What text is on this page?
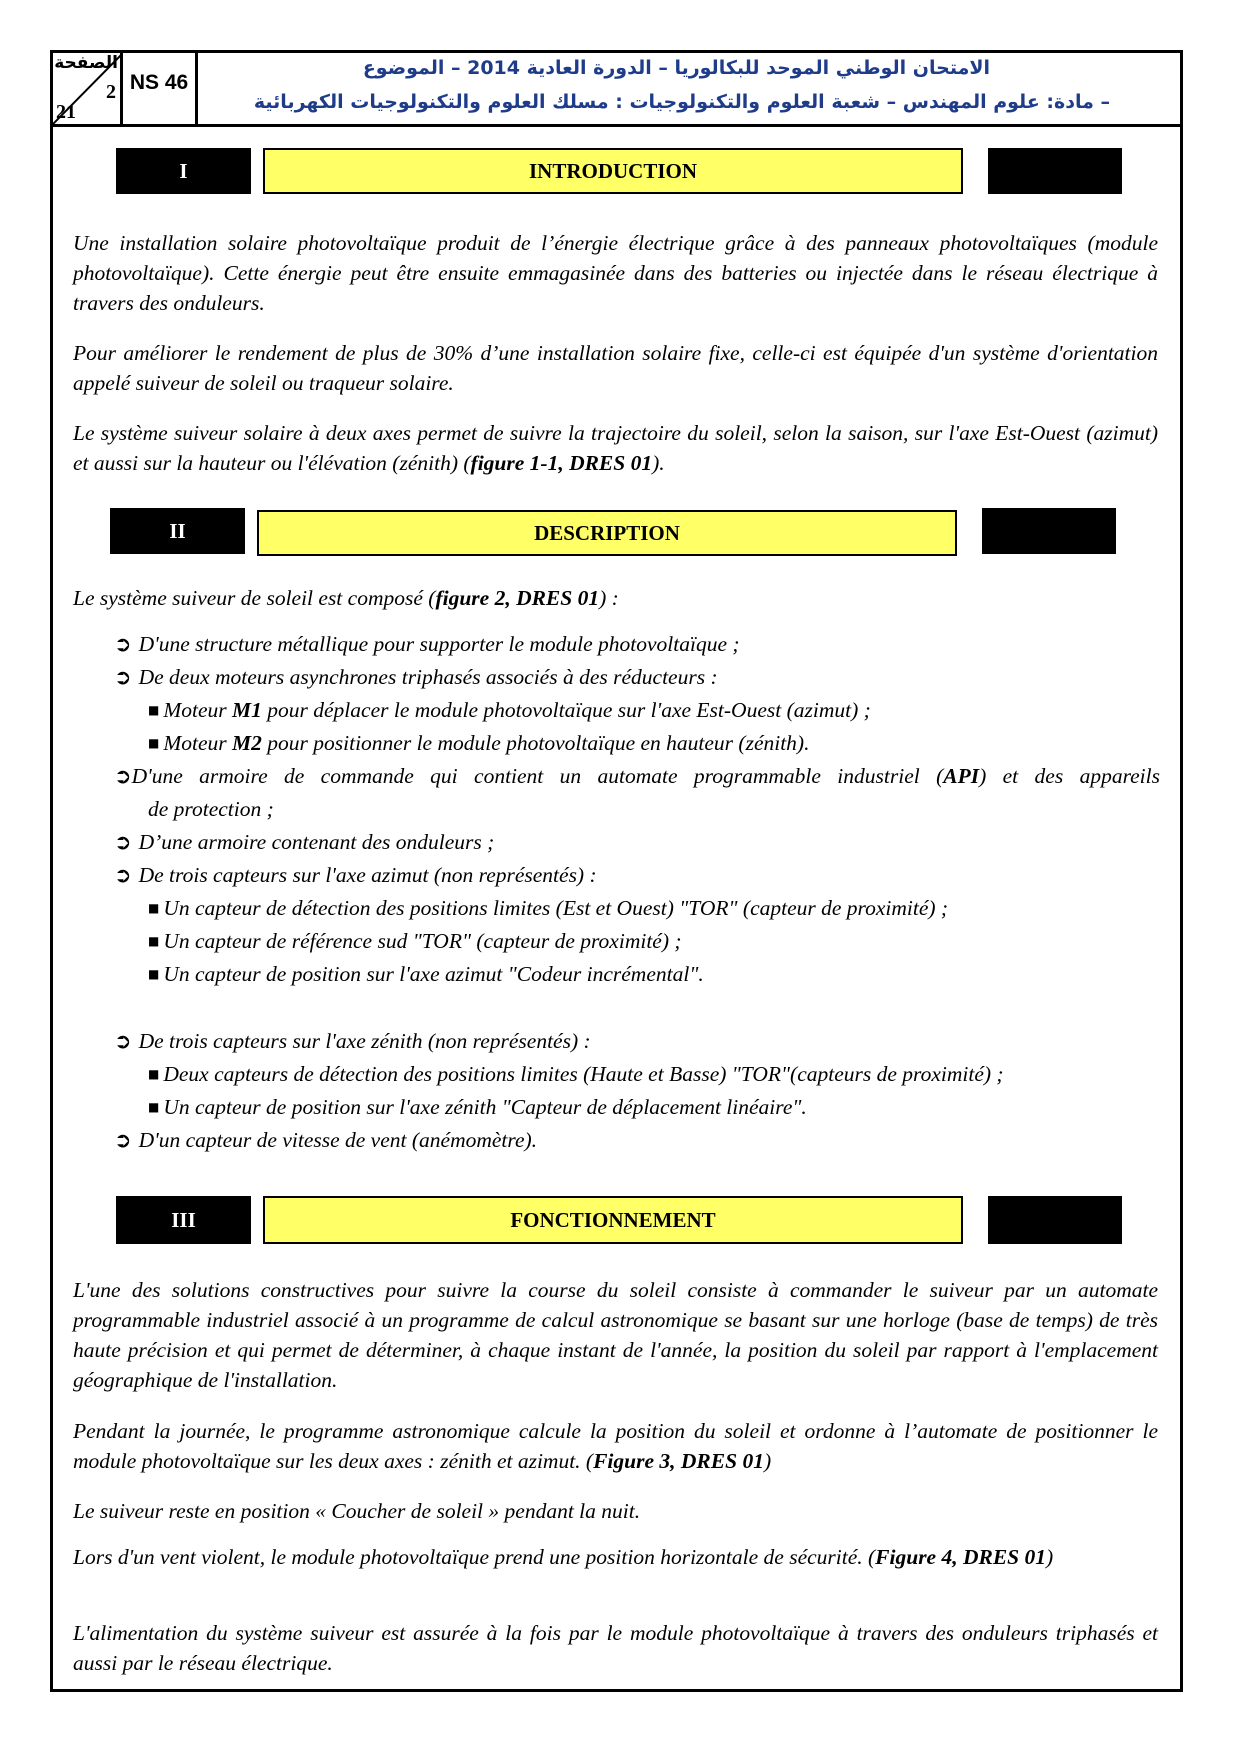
الصفحة
2
21
NS 46
الامتحان الوطني الموحد للبكالوريا – الدورة العادية 2014 – الموضوع
– مادة: علوم المهندس – شعبة العلوم والتكنولوجيات : مسلك العلوم والتكنولوجيات الكهربائية
I	INTRODUCTION

Une installation solaire photovoltaïque produit de l’énergie électrique grâce à des panneaux photovoltaïques (module photovoltaïque). Cette énergie peut être ensuite emmagasinée dans des batteries ou injectée dans le réseau électrique à travers des onduleurs.

Pour améliorer le rendement de plus de 30% d’une installation solaire fixe, celle-ci est équipée d'un système d'orientation appelé suiveur de soleil ou traqueur solaire.

Le système suiveur solaire à deux axes permet de suivre la trajectoire du soleil, selon la saison, sur l'axe Est-Ouest (azimut) et aussi sur la hauteur ou l'élévation (zénith) (figure 1-1, DRES 01).

II	DESCRIPTION

Le système suiveur de soleil est composé (figure 2, DRES 01) :

➲ D'une structure métallique pour supporter le module photovoltaïque ;

➲ De deux moteurs asynchrones triphasés associés à des réducteurs :

■ Moteur M1 pour déplacer le module photovoltaïque sur l'axe Est-Ouest (azimut) ;

■ Moteur M2 pour positionner le module photovoltaïque en hauteur (zénith).

➲D'une armoire de commande qui contient un automate programmable industriel (API) et des appareils

de protection ;

➲ D’une armoire contenant des onduleurs ;

➲ De trois capteurs sur l'axe azimut (non représentés) :

■ Un capteur de détection des positions limites (Est et Ouest) "TOR" (capteur de proximité) ;

■ Un capteur de référence sud "TOR" (capteur de proximité) ;

■ Un capteur de position sur l'axe azimut "Codeur incrémental".

➲ De trois capteurs sur l'axe zénith (non représentés) :

■ Deux capteurs de détection des positions limites (Haute et Basse) "TOR"(capteurs de proximité) ;

■ Un capteur de position sur l'axe zénith "Capteur de déplacement linéaire".

➲ D'un capteur de vitesse de vent (anémomètre).

III	FONCTIONNEMENT

L'une des solutions constructives pour suivre la course du soleil consiste à commander le suiveur par un automate programmable industriel associé à un programme de calcul astronomique se basant sur une horloge (base de temps) de très haute précision et qui permet de déterminer, à chaque instant de l'année, la position du soleil par rapport à l'emplacement géographique de l'installation.

Pendant la journée, le programme astronomique calcule la position du soleil et ordonne à l’automate de positionner le module photovoltaïque sur les deux axes : zénith et azimut. (Figure 3, DRES 01)

Le suiveur reste en position « Coucher de soleil » pendant la nuit.

Lors d'un vent violent, le module photovoltaïque prend une position horizontale de sécurité. (Figure 4, DRES 01)

L'alimentation du système suiveur est assurée à la fois par le module photovoltaïque à travers des onduleurs triphasés et aussi par le réseau électrique.
